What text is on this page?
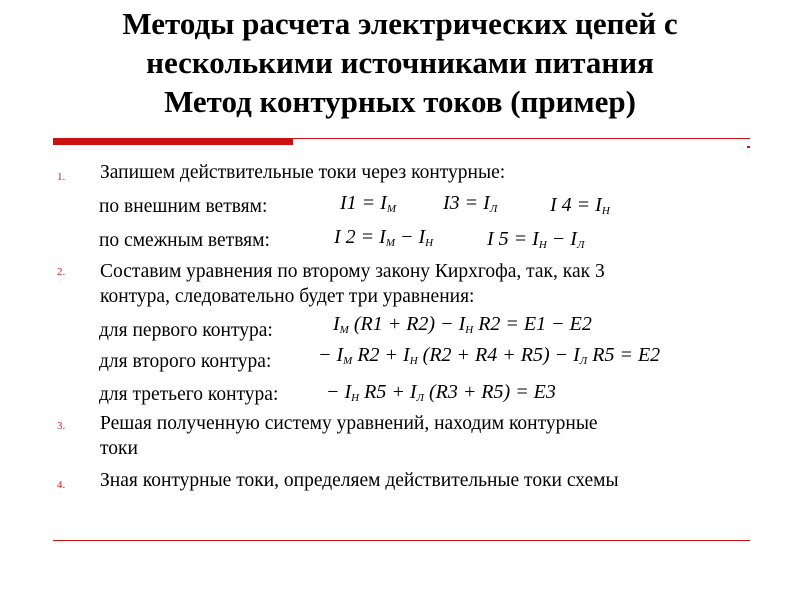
Методы расчета электрических цепей с
несколькими источниками питания
Метод контурных токов (пример)
1. Запишем действительные токи через контурные:
по внешним ветвям:	$I1 = I_М$ $I3 = I_Л$	I $4 = I_Н$
по смежным ветвям:	I $2 = I_М - I_Н$	I $5 = I_Н - I_Л$
2. Составим уравнения по второму закону Кирхгофа, так, как 3
контура, следовательно будет три уравнения:
для первого контура:	$I_М$ $(R1 + R2) - I_Н$ R2 = E1 − E2
для второго контура: − $I_М$ $R2 + I_Н$ $(R2 + R4 + R5) - I_Л$ R5 = E2
для третьего контура: − $I_Н$ $R5 + I_Л$ (R3 + R5) = E3
3. Решая полученную систему уравнений, находим контурные
токи
4. Зная контурные токи, определяем действительные токи схемы
